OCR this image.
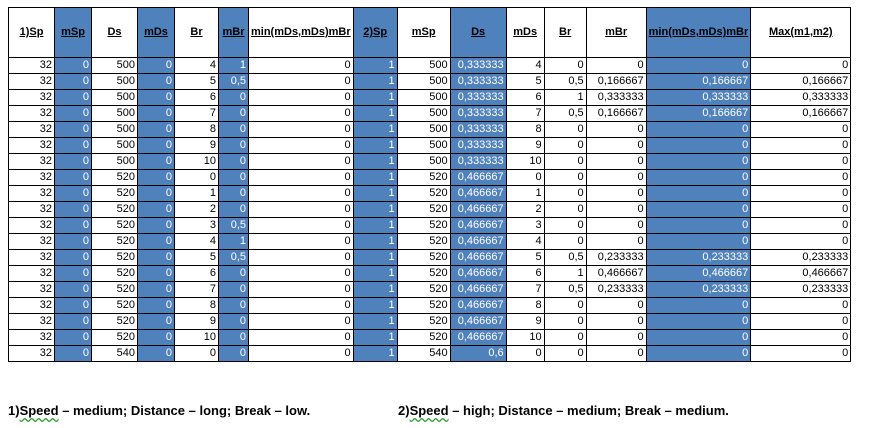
1)Sp	mSp	Ds	mDs	Br	mBr	min(mDs,mDs)mBr	2)Sp	mSp	Ds	mDs	Br	mBr	min(mDs,mDs)mBr	Max(m1,m2)
32	0	500	0	4	1	0	1	500	0,333333	4	0	0	0	0
32	0	500	0	5	0,5	0	1	500	0,333333	5	0,5	0,166667	0,166667	0,166667
32	0	500	0	6	0	0	1	500	0,333333	6	1	0,333333	0,333333	0,333333
32	0	500	0	7	0	0	1	500	0,333333	7	0,5	0,166667	0,166667	0,166667
32	0	500	0	8	0	0	1	500	0,333333	8	0	0	0	0
32	0	500	0	9	0	0	1	500	0,333333	9	0	0	0	0
32	0	500	0	10	0	0	1	500	0,333333	10	0	0	0	0
32	0	520	0	0	0	0	1	520	0,466667	0	0	0	0	0
32	0	520	0	1	0	0	1	520	0,466667	1	0	0	0	0
32	0	520	0	2	0	0	1	520	0,466667	2	0	0	0	0
32	0	520	0	3	0,5	0	1	520	0,466667	3	0	0	0	0
32	0	520	0	4	1	0	1	520	0,466667	4	0	0	0	0
32	0	520	0	5	0,5	0	1	520	0,466667	5	0,5	0,233333	0,233333	0,233333
32	0	520	0	6	0	0	1	520	0,466667	6	1	0,466667	0,466667	0,466667
32	0	520	0	7	0	0	1	520	0,466667	7	0,5	0,233333	0,233333	0,233333
32	0	520	0	8	0	0	1	520	0,466667	8	0	0	0	0
32	0	520	0	9	0	0	1	520	0,466667	9	0	0	0	0
32	0	520	0	10	0	0	1	520	0,466667	10	0	0	0	0
32	0	540	0	0	0	0	1	540	0,6	0	0	0	0	0
1)Speed – medium; Distance – long; Break – low.	2)Speed – high; Distance – medium; Break – medium.
